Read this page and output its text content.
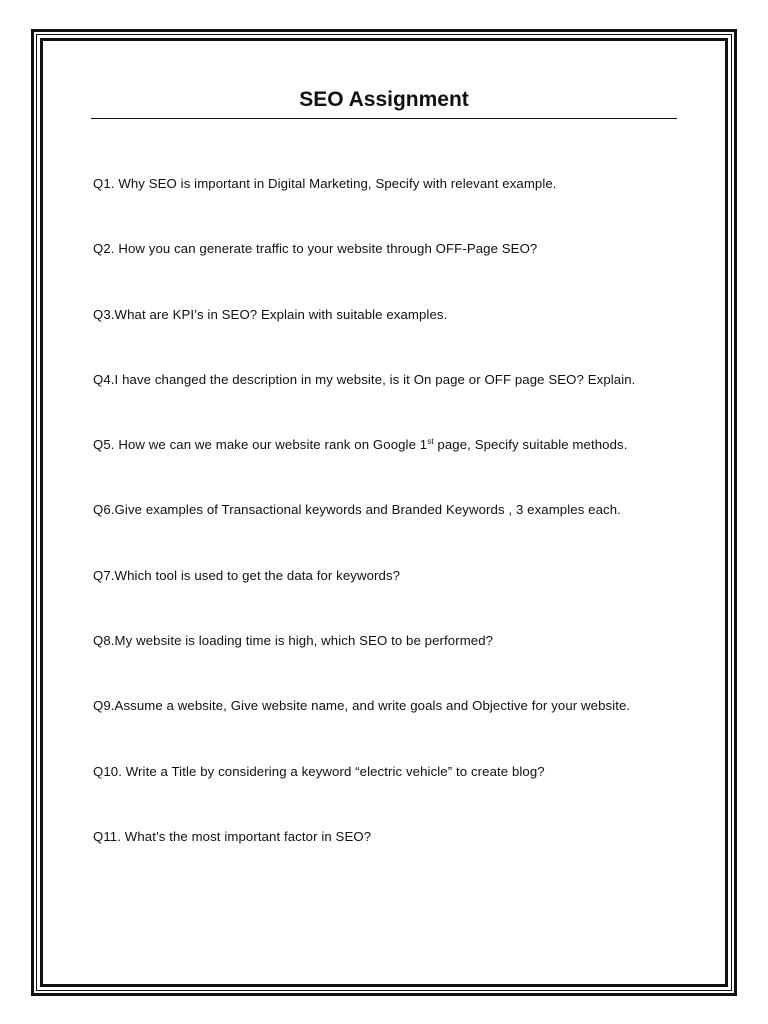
SEO Assignment
Q1. Why SEO is important in Digital Marketing, Specify with relevant example.
Q2. How you can generate traffic to your website through OFF-Page SEO?
Q3.What are KPI’s in SEO? Explain with suitable examples.
Q4.I have changed the description in my website, is it On page or OFF page SEO? Explain.
Q5. How we can we make our website rank on Google 1st page, Specify suitable methods.
Q6.Give examples of Transactional keywords and Branded Keywords , 3 examples each.
Q7.Which tool is used to get the data for keywords?
Q8.My website is loading time is high, which SEO to be performed?
Q9.Assume a website, Give website name, and write goals and Objective for your website.
Q10. Write a Title by considering a keyword “electric vehicle” to create blog?
Q11. What’s the most important factor in SEO?
